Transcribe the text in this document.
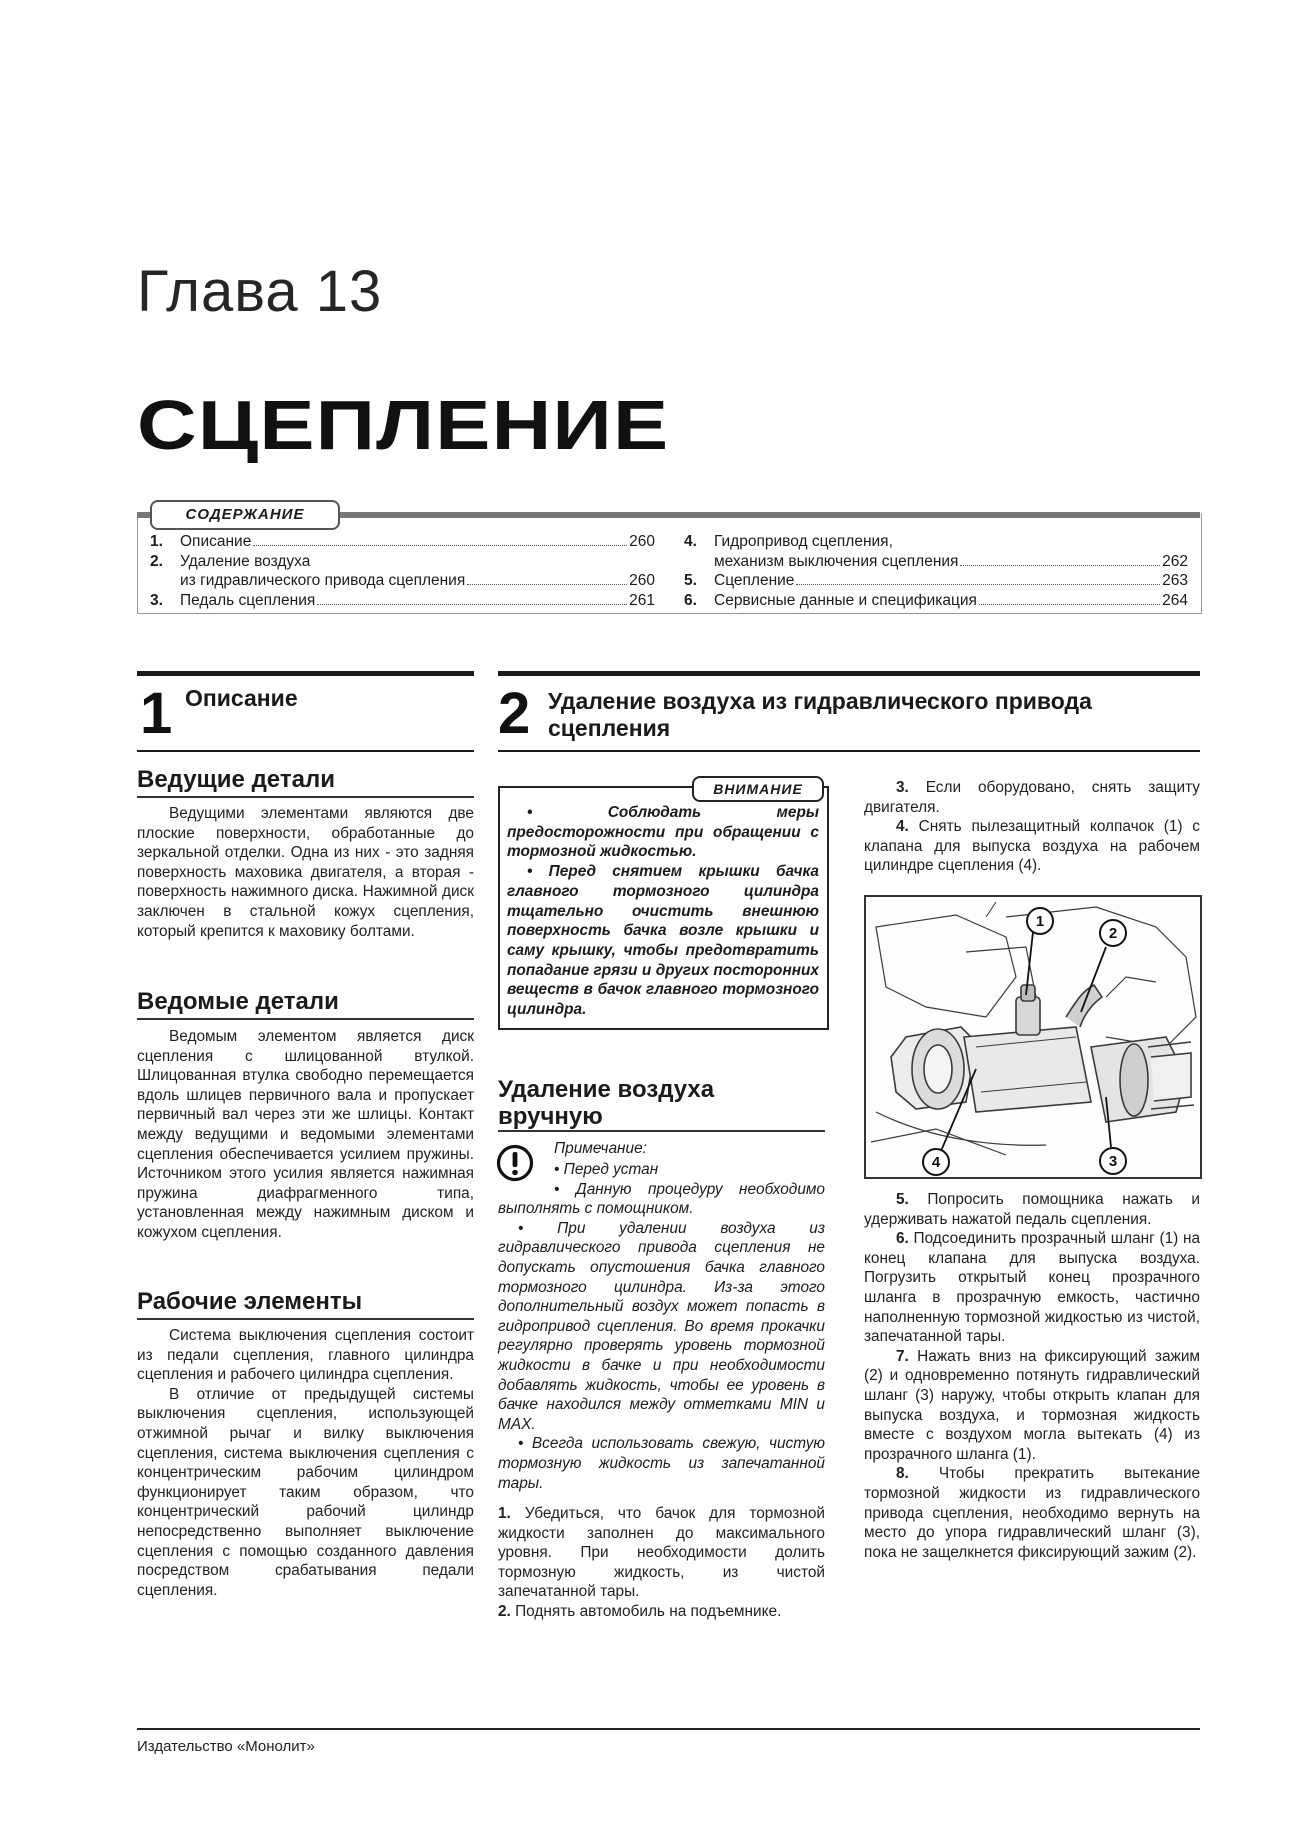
Глава 13
СЦЕПЛЕНИЕ
СОДЕРЖАНИЕ
1.	Описание	260
2.	Удаление воздуха
из гидравлического привода сцепления	260
3.	Педаль сцепления	261
4.	Гидропривод сцепления,
механизм выключения сцепления	262
5.	Сцепление	263
6.	Сервисные данные и спецификация	264
1 Описание
Ведущие детали

Ведущими элементами являются две плоские поверхности, обработанные до зеркальной отделки. Одна из них - это задняя поверхность маховика двигателя, а вторая - поверхность нажимного диска. Нажимной диск заключен в стальной кожух сцепления, который крепится к маховику болтами.

Ведомые детали

Ведомым элементом является диск сцепления с шлицованной втулкой. Шлицованная втулка свободно перемещается вдоль шлицев первичного вала и пропускает первичный вал через эти же шлицы. Контакт между ведущими и ведомыми элементами сцепления обеспечивается усилием пружины. Источником этого усилия является нажимная пружина диафрагменного типа, установленная между нажимным диском и кожухом сцепления.

Рабочие элементы

Система выключения сцепления состоит из педали сцепления, главного цилиндра сцепления и рабочего цилиндра сцепления.

В отличие от предыдущей системы выключения сцепления, использующей отжимной рычаг и вилку выключения сцепления, система выключения сцепления с концентрическим рабочим цилиндром функционирует таким образом, что концентрический рабочий цилиндр непосредственно выполняет выключение сцепления с помощью созданного давления посредством срабатывания педали сцепления.

2 Удаление воздуха из гидравлического привода
сцепления
ВНИМАНИЕ

• Соблюдать меры предосторожности при обращении с тормозной жидкостью.

• Перед снятием крышки бачка главного тормозного цилиндра тщательно очистить внешнюю поверхность бачка возле крышки и саму крышку, чтобы предотвратить попадание грязи и других посторонних веществ в бачок главного тормозного цилиндра.

Удаление воздуха
вручную
Примечание:

• Перед устан

• Данную процедуру необходимо выполнять с помощником.

• При удалении воздуха из гидравлического привода сцепления не допускать опустошения бачка главного тормозного цилиндра. Из-за этого дополнительный воздух может попасть в гидропривод сцепления. Во время прокачки регулярно проверять уровень тормозной жидкости в бачке и при необходимости добавлять жидкость, чтобы ее уровень в бачке находился между отметками MIN и MAX.

• Всегда использовать свежую, чистую тормозную жидкость из запечатанной тары.

1. Убедиться, что бачок для тормозной жидкости заполнен до максимального уровня. При необходимости долить тормозную жидкость, из чистой запечатанной тары.

2. Поднять автомобиль на подъемнике.

3. Если оборудовано, снять защиту двигателя.

4. Снять пылезащитный колпачок (1) с клапана для выпуска воздуха на рабочем цилиндре сцепления (4).

1
2
3
4

5. Попросить помощника нажать и удерживать нажатой педаль сцепления.

6. Подсоединить прозрачный шланг (1) на конец клапана для выпуска воздуха. Погрузить открытый конец прозрачного шланга в прозрачную емкость, частично наполненную тормозной жидкостью из чистой, запечатанной тары.

7. Нажать вниз на фиксирующий зажим (2) и одновременно потянуть гидравлический шланг (3) наружу, чтобы открыть клапан для выпуска воздуха, и тормозная жидкость вместе с воздухом могла вытекать (4) из прозрачного шланга (1).

8. Чтобы прекратить вытекание тормозной жидкости из гидравлического привода сцепления, необходимо вернуть на место до упора гидравлический шланг (3), пока не защелкнется фиксирующий зажим (2).

Издательство «Монолит»
